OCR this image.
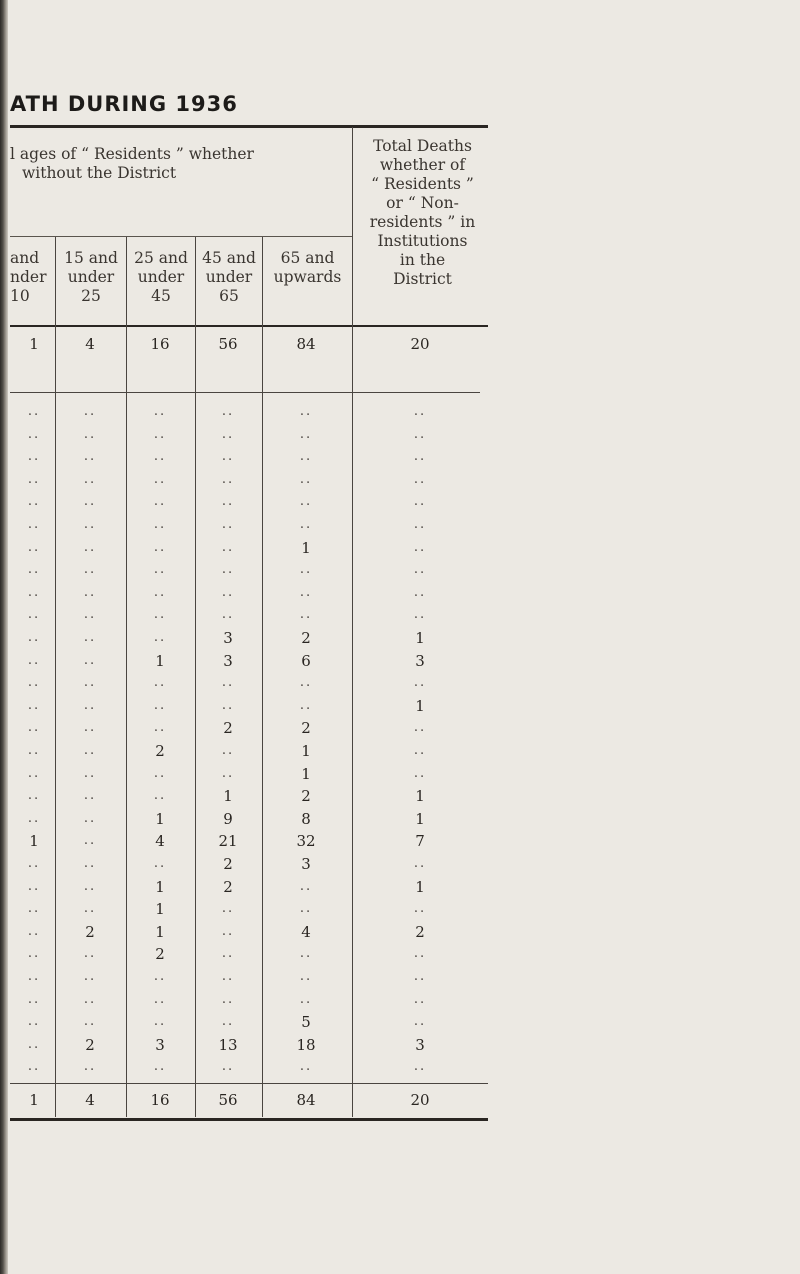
ATH DURING 1936
l ages of “ Residents ” whether
without the District
Total Deaths
whether of
“ Residents ”
or “ Non-
residents ” in
Institutions
in the
District
and
nder
10
15 and
under
25
25 and
under
45
45 and
under
65
65 and
upwards
1	4	16	56	84	20
..	..	..	..	..	..
..	..	..	..	..	..
..	..	..	..	..	..
..	..	..	..	..	..
..	..	..	..	..	..
..	..	..	..	..	..
..	..	..	..	1	..
..	..	..	..	..	..
..	..	..	..	..	..
..	..	..	..	..	..
..	..	..	3	2	1
..	..	1	3	6	3
..	..	..	..	..	..
..	..	..	..	..	1
..	..	..	2	2	..
..	..	2	..	1	..
..	..	..	..	1	..
..	..	..	1	2	1
..	..	1	9	8	1
1	..	4	21	32	7
..	..	..	2	3	..
..	..	1	2	..	1
..	..	1	..	..	..
..	2	1	..	4	2
..	..	2	..	..	..
..	..	..	..	..	..
..	..	..	..	..	..
..	..	..	..	5	..
..	2	3	13	18	3
..	..	..	..	..	..
1	4	16	56	84	20
